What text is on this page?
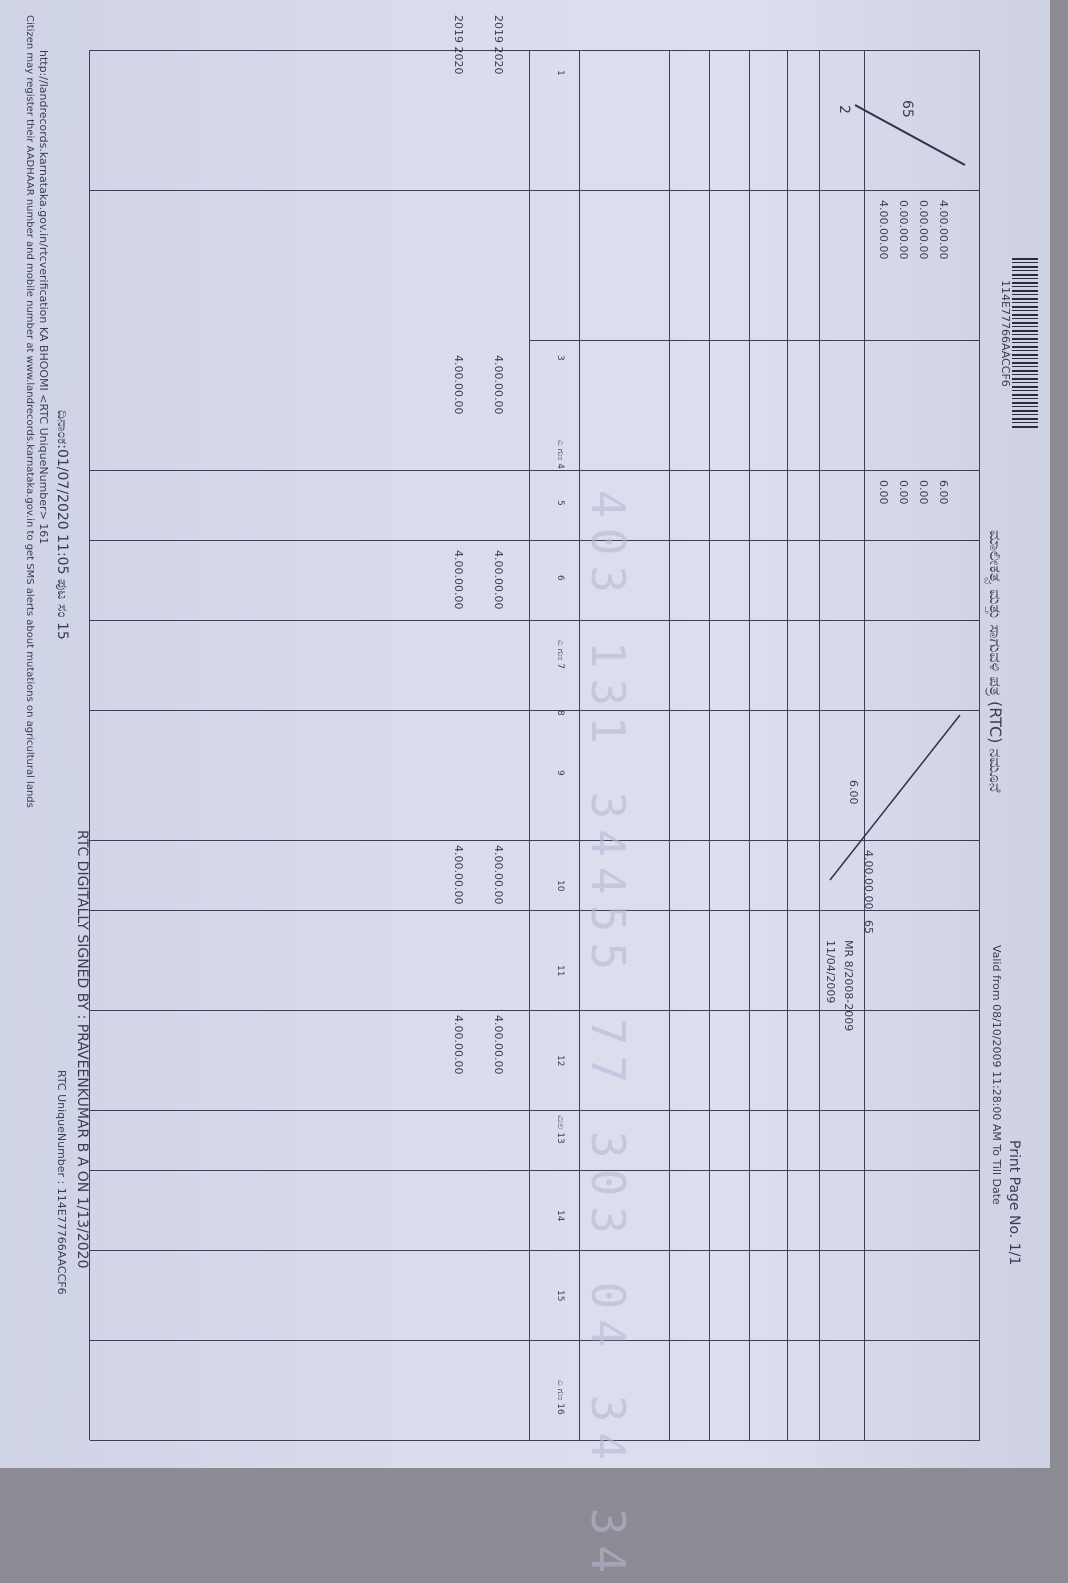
114E77766AACCF6
ಮಾಲೀಕತ್ವ ಮತ್ತು ಸಾಗುವಳಿ ಪತ್ರ (RTC) ನಮೂನೆ
Print Page No. 1/1
Valid from 08/10/2009 11:28:00 AM To Till Date
4.00.00.00
0.00.00.00
0.00.00.00
4.00.00.00
6.00
0.00
0.00
0.00
65
2
6.00
4.00.00.00
65
MR 8/2008-2009
11/04/2009
1
3
ಎ ಗುಂ 4
5
6
ಎ ಗುಂ 7
8
9
10
11
12
ಮಿಲ 13
14
15
ಎ ಗುಂ 16
2019 2020
4.00.00.00
4.00.00.00
4.00.00.00
4.00.00.00
2019 2020
4.00.00.00
4.00.00.00
4.00.00.00
4.00.00.00	403 131 34455 77 303 04 34 34
ದಿನಾಂಕ:01/07/2020 11:05 ಪುಟ ಸಂ 15
RTC DIGITALLY SIGNED BY : PRAVEENKUMAR B A ON 1/13/2020
RTC UniqueNumber : 114E77766AACCF6
http://landrecords.karnataka.gov.in/rtcverification KA BHOOMI <RTC UniqueNumber> 161
Citizen may register their AADHAAR number and mobile number at www.landrecords.karnataka.gov.in to get SMS alerts about mutations on agricultural lands
